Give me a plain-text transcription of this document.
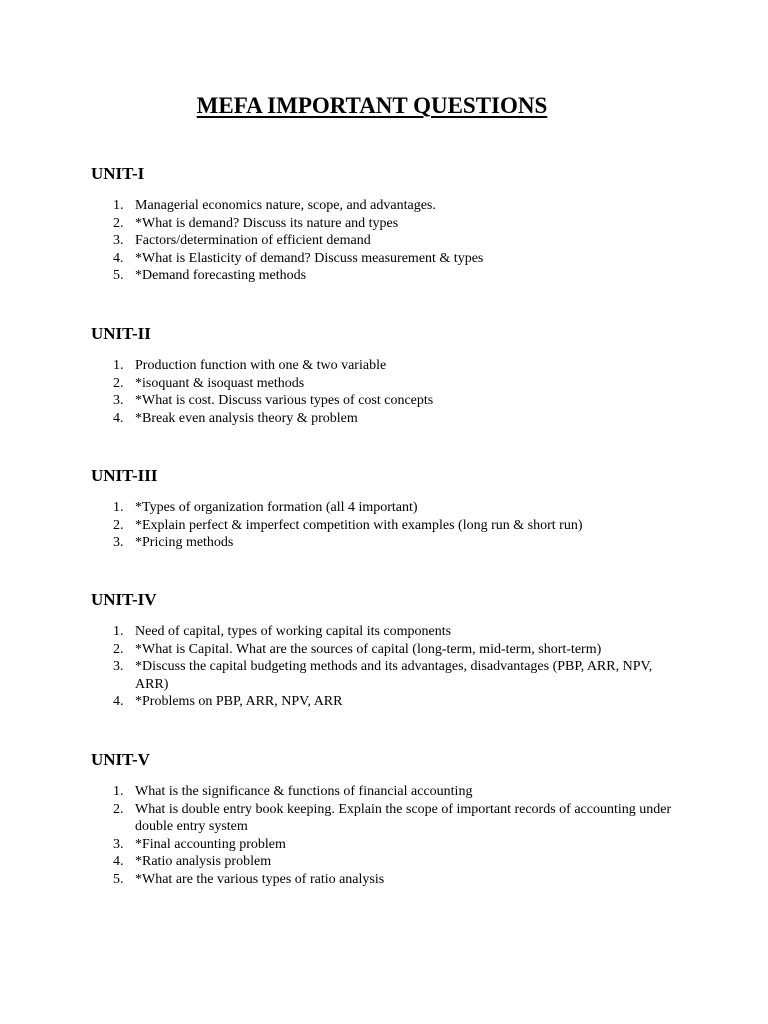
MEFA IMPORTANT QUESTIONS
UNIT-I
1. Managerial economics nature, scope, and advantages.
2. *What is demand? Discuss its nature and types
3. Factors/determination of efficient demand
4. *What is Elasticity of demand? Discuss measurement & types
5. *Demand forecasting methods
UNIT-II
1. Production function with one & two variable
2. *isoquant & isoquast methods
3. *What is cost. Discuss various types of cost concepts
4. *Break even analysis theory & problem
UNIT-III
1. *Types of organization formation (all 4 important)
2. *Explain perfect & imperfect competition with examples (long run & short run)
3. *Pricing methods
UNIT-IV
1. Need of capital, types of working capital its components
2. *What is Capital. What are the sources of capital (long-term, mid-term, short-term)
3. *Discuss the capital budgeting methods and its advantages, disadvantages (PBP, ARR, NPV, ARR)
4. *Problems on PBP, ARR, NPV, ARR
UNIT-V
1. What is the significance & functions of financial accounting
2. What is double entry book keeping. Explain the scope of important records of accounting under double entry system
3. *Final accounting problem
4. *Ratio analysis problem
5. *What are the various types of ratio analysis
